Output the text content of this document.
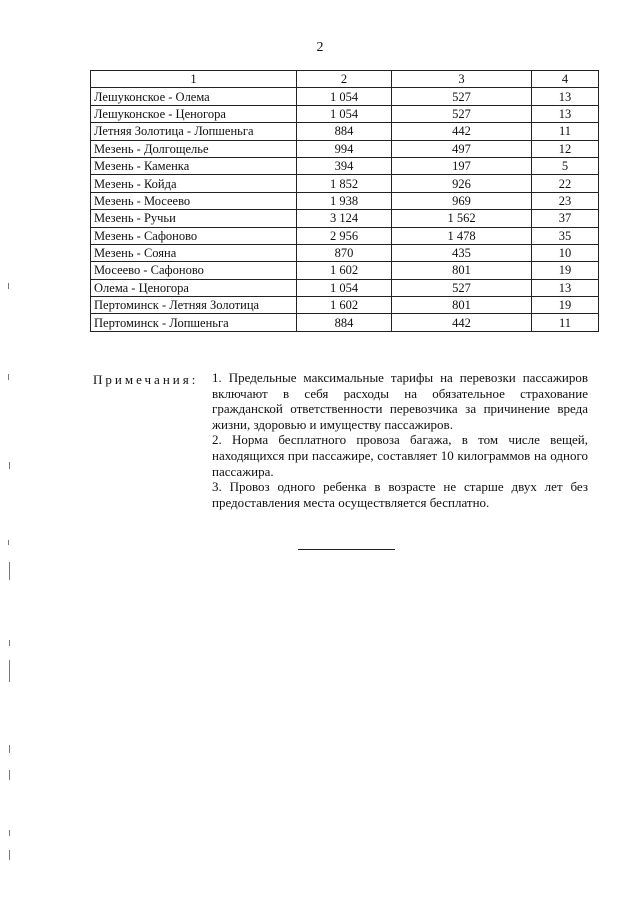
2
1	2	3	4
Лешуконское - Олема	1 054	527	13
Лешуконское - Ценогора	1 054	527	13
Летняя Золотица - Лопшеньга	884	442	11
Мезень - Долгощелье	994	497	12
Мезень - Каменка	394	197	5
Мезень - Койда	1 852	926	22
Мезень - Мосеево	1 938	969	23
Мезень - Ручьи	3 124	1 562	37
Мезень - Сафоново	2 956	1 478	35
Мезень - Сояна	870	435	10
Мосеево - Сафоново	1 602	801	19
Олема - Ценогора	1 054	527	13
Пертоминск - Летняя Золотица	1 602	801	19
Пертоминск - Лопшеньга	884	442	11
Примечания: 1. Предельные максимальные тарифы на перевозки пассажиров включают в себя расходы на обязательное страхование гражданской ответственности перевозчика за причинение вреда жизни, здоровью и имуществу пассажиров.

2. Норма бесплатного провоза багажа, в том числе вещей, находящихся при пассажире, составляет 10 килограммов на одного пассажира.

3. Провоз одного ребенка в возрасте не старше двух лет без предоставления места осуществляется бесплатно.
